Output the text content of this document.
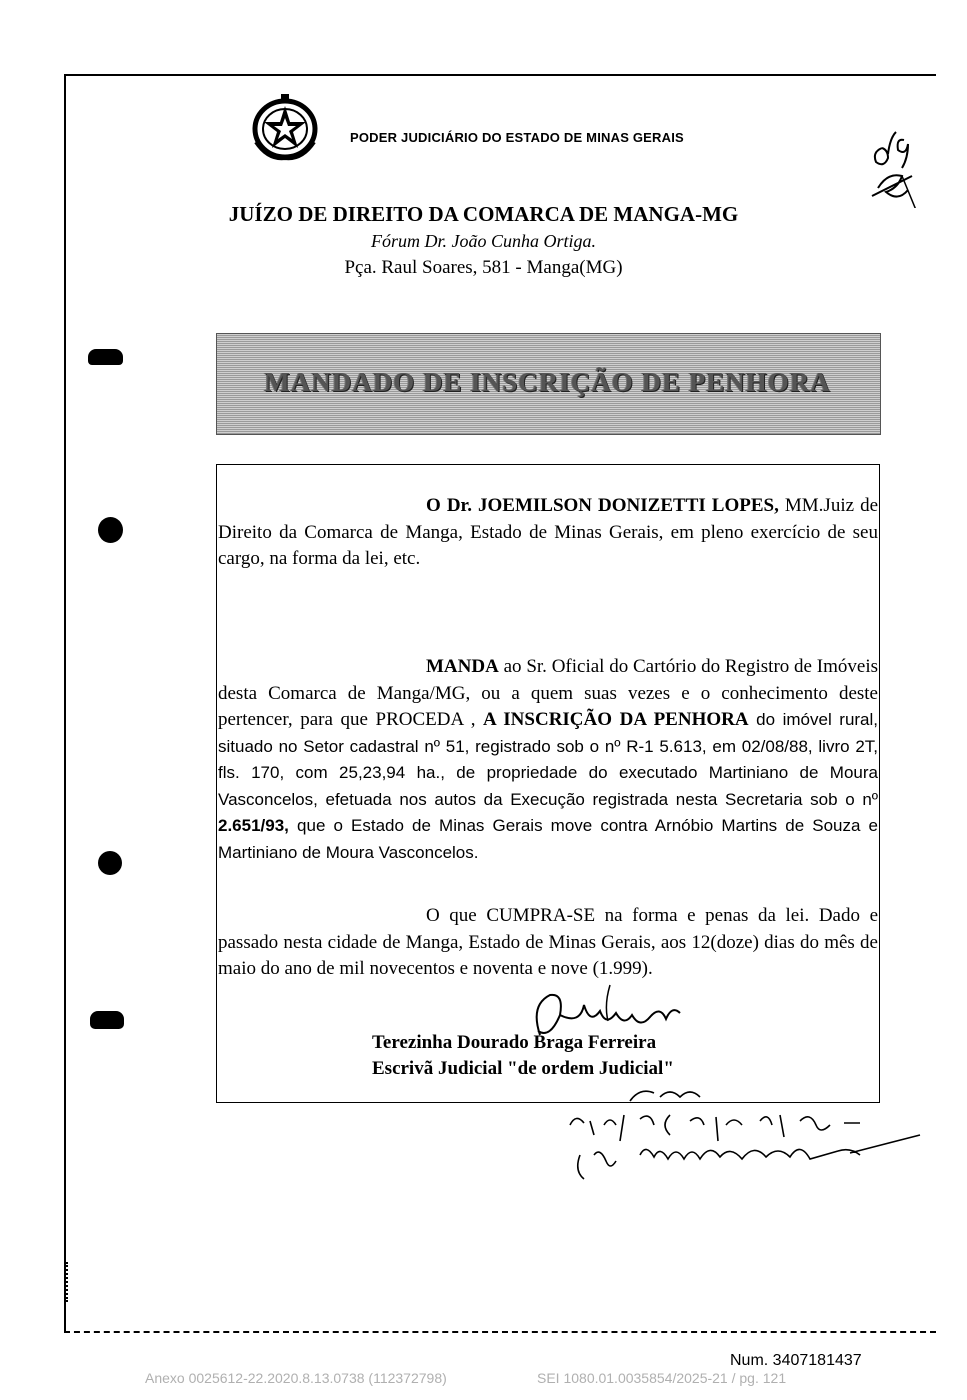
PODER JUDICIÁRIO DO ESTADO DE MINAS GERAIS
JUÍZO DE DIREITO DA COMARCA DE MANGA-MG
Fórum Dr. João Cunha Ortiga.
Pça. Raul Soares, 581 - Manga(MG)
MANDADO DE INSCRIÇÃO DE PENHORA
O Dr. JOEMILSON DONIZETTI LOPES, MM.Juiz de Direito da Comarca de Manga, Estado de Minas Gerais, em pleno exercício de seu cargo, na forma da lei, etc.
MANDA ao Sr. Oficial do Cartório do Registro de Imóveis desta Comarca de Manga/MG, ou a quem suas vezes e o conhecimento deste pertencer, para que PROCEDA , A INSCRIÇÃO DA PENHORA do imóvel rural, situado no Setor cadastral nº 51, registrado sob o nº R-1 5.613, em 02/08/88, livro 2T, fls. 170, com 25,23,94 ha., de propriedade do executado Martiniano de Moura Vasconcelos, efetuada nos autos da Execução registrada nesta Secretaria sob o nº 2.651/93, que o Estado de Minas Gerais move contra Arnóbio Martins de Souza e Martiniano de Moura Vasconcelos.
O que CUMPRA-SE na forma e penas da lei. Dado e passado nesta cidade de Manga, Estado de Minas Gerais, aos 12(doze) dias do mês de maio do ano de mil novecentos e noventa e nove (1.999).
Terezinha Dourado Braga Ferreira
Escrivã Judicial "de ordem Judicial"
Num. 3407181437
Anexo 0025612-22.2020.8.13.0738 (112372798)	SEI 1080.01.0035854/2025-21 / pg. 121
